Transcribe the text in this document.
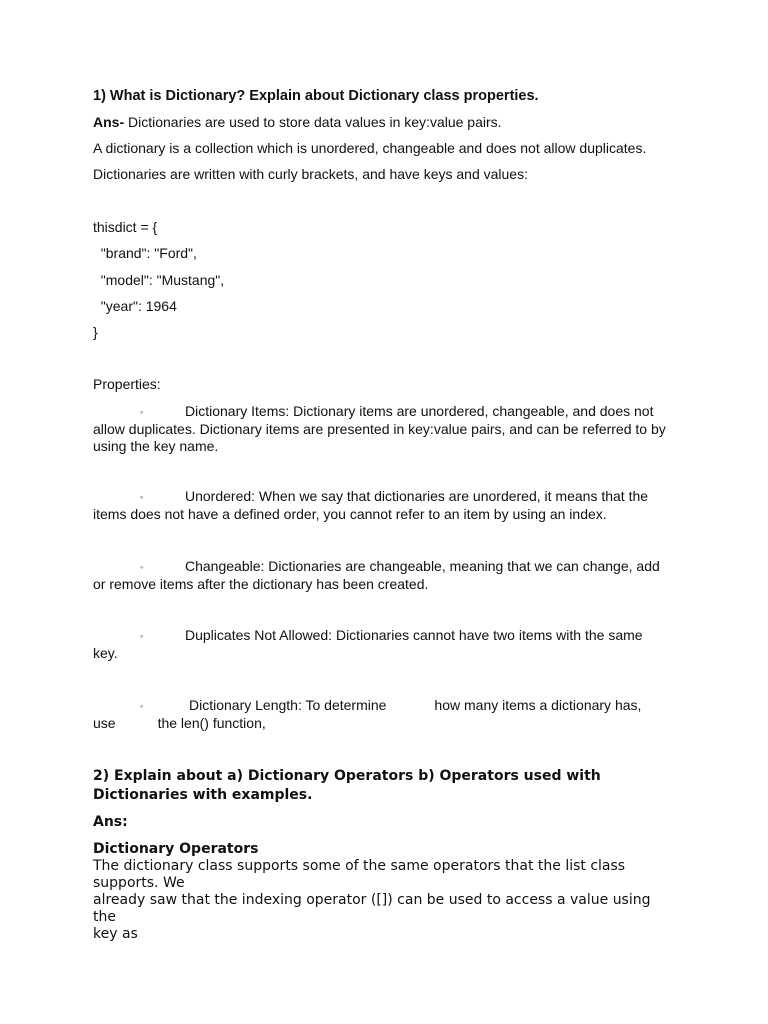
1) What is Dictionary? Explain about Dictionary class properties.
Ans- Dictionaries are used to store data values in key:value pairs.
A dictionary is a collection which is unordered, changeable and does not allow duplicates.
Dictionaries are written with curly brackets, and have keys and values:
thisdict = {
"brand": "Ford",
"model": "Mustang",
"year": 1964
}
Properties:
◦	Dictionary Items: Dictionary items are unordered, changeable, and does not
allow duplicates. Dictionary items are presented in key:value pairs, and can be referred to by
using the key name.
◦	Unordered: When we say that dictionaries are unordered, it means that the
items does not have a defined order, you cannot refer to an item by using an index.
◦	Changeable: Dictionaries are changeable, meaning that we can change, add
or remove items after the dictionary has been created.
◦	Duplicates Not Allowed: Dictionaries cannot have two items with the same
key.
◦	Dictionary Length: To determine	how many items a dictionary has,
use	the len() function,
2) Explain about a) Dictionary Operators b) Operators used with Dictionaries with examples.
Ans:
Dictionary Operators
The dictionary class supports some of the same operators that the list class
supports. We
already saw that the indexing operator ([]) can be used to access a value using the
key as
